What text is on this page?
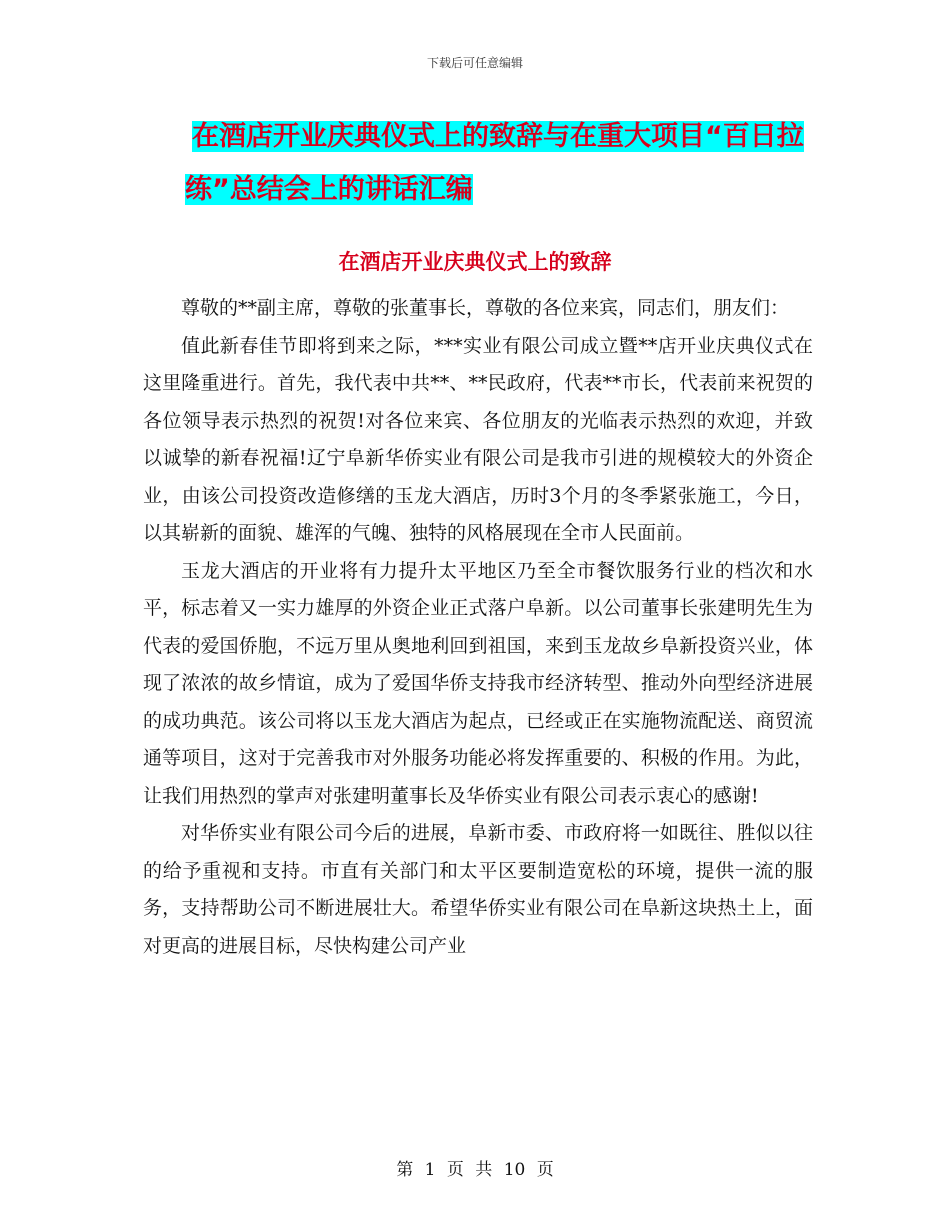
下载后可任意编辑
在酒店开业庆典仪式上的致辞与在重大项目“百日拉
练”总结会上的讲话汇编
在酒店开业庆典仪式上的致辞

尊敬的**副主席，尊敬的张董事长，尊敬的各位来宾，同志们，朋友们：

值此新春佳节即将到来之际，***实业有限公司成立暨**店开业庆典仪式在这里隆重进行。首先，我代表中共**、**民政府，代表**市长，代表前来祝贺的各位领导表示热烈的祝贺!对各位来宾、各位朋友的光临表示热烈的欢迎，并致以诚挚的新春祝福!辽宁阜新华侨实业有限公司是我市引进的规模较大的外资企业，由该公司投资改造修缮的玉龙大酒店，历时3个月的冬季紧张施工，今日，以其崭新的面貌、雄浑的气魄、独特的风格展现在全市人民面前。

玉龙大酒店的开业将有力提升太平地区乃至全市餐饮服务行业的档次和水平，标志着又一实力雄厚的外资企业正式落户阜新。以公司董事长张建明先生为代表的爱国侨胞，不远万里从奥地利回到祖国，来到玉龙故乡阜新投资兴业，体现了浓浓的故乡情谊，成为了爱国华侨支持我市经济转型、推动外向型经济进展的成功典范。该公司将以玉龙大酒店为起点，已经或正在实施物流配送、商贸流通等项目，这对于完善我市对外服务功能必将发挥重要的、积极的作用。为此，让我们用热烈的掌声对张建明董事长及华侨实业有限公司表示衷心的感谢!

对华侨实业有限公司今后的进展，阜新市委、市政府将一如既往、胜似以往的给予重视和支持。市直有关部门和太平区要制造宽松的环境，提供一流的服务，支持帮助公司不断进展壮大。希望华侨实业有限公司在阜新这块热土上，面对更高的进展目标，尽快构建公司产业

第 1 页 共 10 页
